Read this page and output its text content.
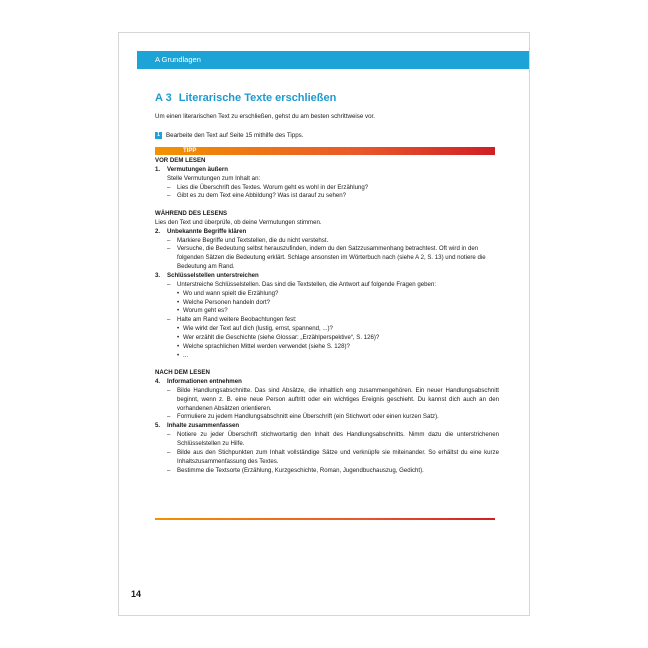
A Grundlagen
A 3 Literarische Texte erschließen
Um einen literarischen Text zu erschließen, gehst du am besten schrittweise vor.
1 Bearbeite den Text auf Seite 15 mithilfe des Tipps.
TIPP
VOR DEM LESEN
1.	Vermutungen äußern
Stelle Vermutungen zum Inhalt an:
–	Lies die Überschrift des Textes. Worum geht es wohl in der Erzählung?
–	Gibt es zu dem Text eine Abbildung? Was ist darauf zu sehen?
WÄHREND DES LESENS
Lies den Text und überprüfe, ob deine Vermutungen stimmen.
2.	Unbekannte Begriffe klären
–	Markiere Begriffe und Textstellen, die du nicht verstehst.
–	Versuche, die Bedeutung selbst herauszufinden, indem du den Satzzusammenhang betrachtest. Oft wird in den folgenden Sätzen die Bedeutung erklärt. Schlage ansonsten im Wörterbuch nach (siehe A 2, S. 13) und notiere die Bedeutung am Rand.
3.	Schlüsselstellen unterstreichen
–	Unterstreiche Schlüsselstellen. Das sind die Textstellen, die Antwort auf folgende Fragen geben:
• Wo und wann spielt die Erzählung?
• Welche Personen handeln dort?
• Worum geht es?
–	Halte am Rand weitere Beobachtungen fest:
• Wie wirkt der Text auf dich (lustig, ernst, spannend, ...)?
• Wer erzählt die Geschichte (siehe Glossar: „Erzählperspektive“, S. 126)?
• Welche sprachlichen Mittel werden verwendet (siehe S. 128)?
• ...
NACH DEM LESEN
4.	Informationen entnehmen
–	Bilde Handlungsabschnitte. Das sind Absätze, die inhaltlich eng zusammengehören. Ein neuer Handlungsabschnitt beginnt, wenn z. B. eine neue Person auftritt oder ein wichtiges Ereignis geschieht. Du kannst dich auch an den vorhandenen Absätzen orientieren.
–	Formuliere zu jedem Handlungsabschnitt eine Überschrift (ein Stichwort oder einen kurzen Satz).
5.	Inhalte zusammenfassen
–	Notiere zu jeder Überschrift stichwortartig den Inhalt des Handlungsabschnitts. Nimm dazu die unterstrichenen Schlüsselstellen zu Hilfe.
–	Bilde aus den Stichpunkten zum Inhalt vollständige Sätze und verknüpfe sie miteinander. So erhältst du eine kurze Inhaltszusammenfassung des Textes.
–	Bestimme die Textsorte (Erzählung, Kurzgeschichte, Roman, Jugendbuchauszug, Gedicht).
14
